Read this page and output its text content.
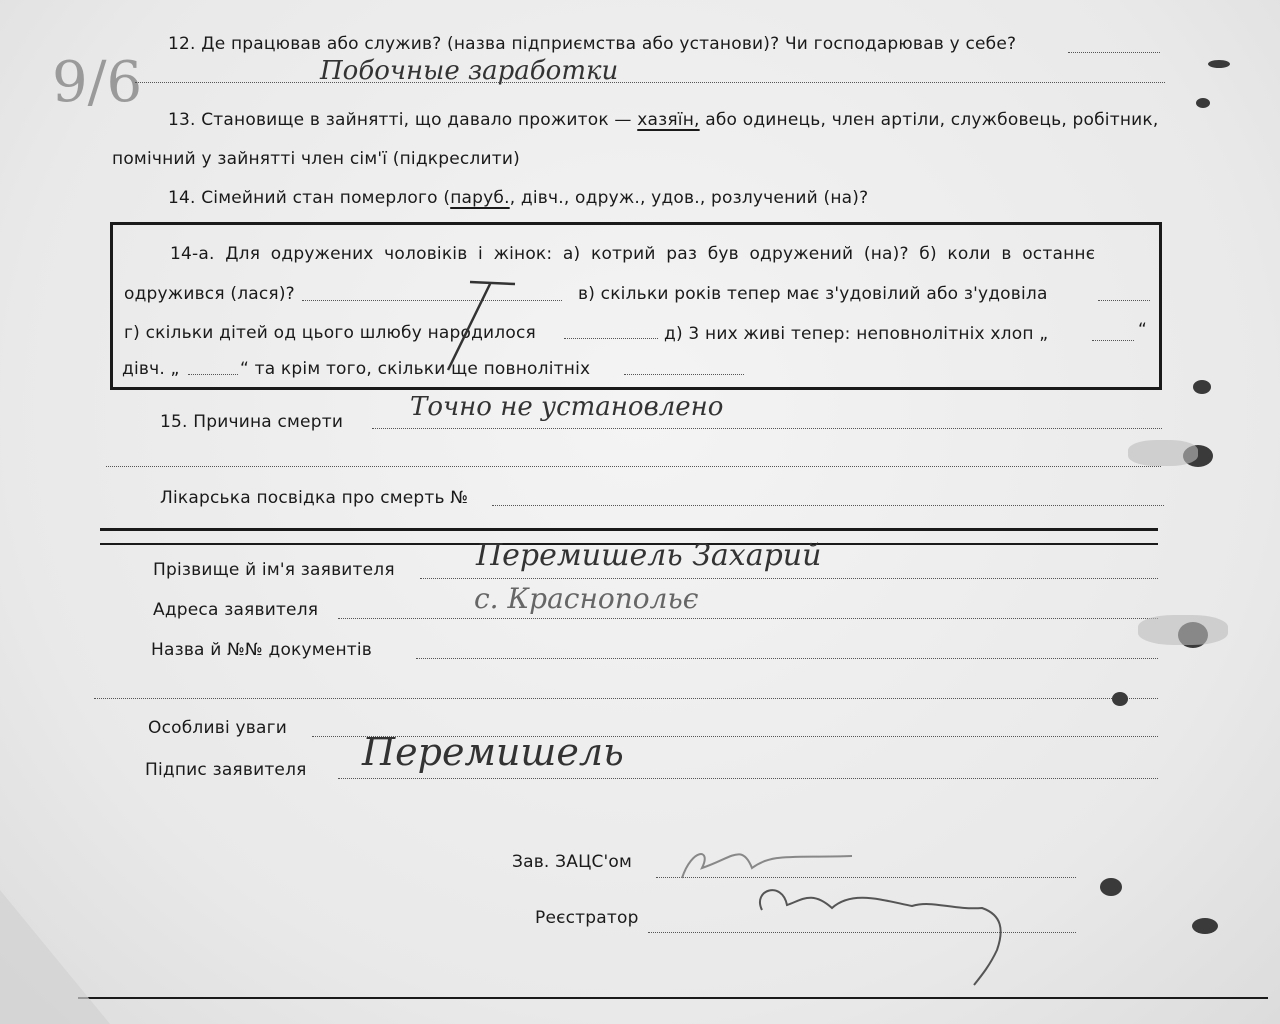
9/6
12. Де працював або служив? (назва підприємства або установи)? Чи господарював у себе?
Побочные заработки
13. Становище в зайнятті, що давало прожиток — хазяїн, або одинець, член артіли, службовець, робітник,
помічний у зайнятті член сім'ї (підкреслити)
14. Сімейний стан померлого (паруб., дівч., одруж., удов., розлучений (на)?
14-а. Для одружених чоловіків і жінок: а) котрий раз був одружений (на)? б) коли в останнє
одружився (лася)?	в) скільки років тепер має з'удовілий або з'удовіла
г) скільки дітей од цього шлюбу народилося	д) 3 них живі тепер: неповнолітніх хлоп „	“
дівч. „	“ та крім того, скільки ще повнолітніх
15. Причина смерти	Точно не установлено
Лікарська посвідка про смерть №
Прізвище й ім'я заявителя	Перемишель Захарий
Адреса заявителя	с. Краснопольє
Назва й №№ документів
Особливі уваги
Підпис заявителя Перемишель
Зав. ЗАЦС'ом
Реєстратор
